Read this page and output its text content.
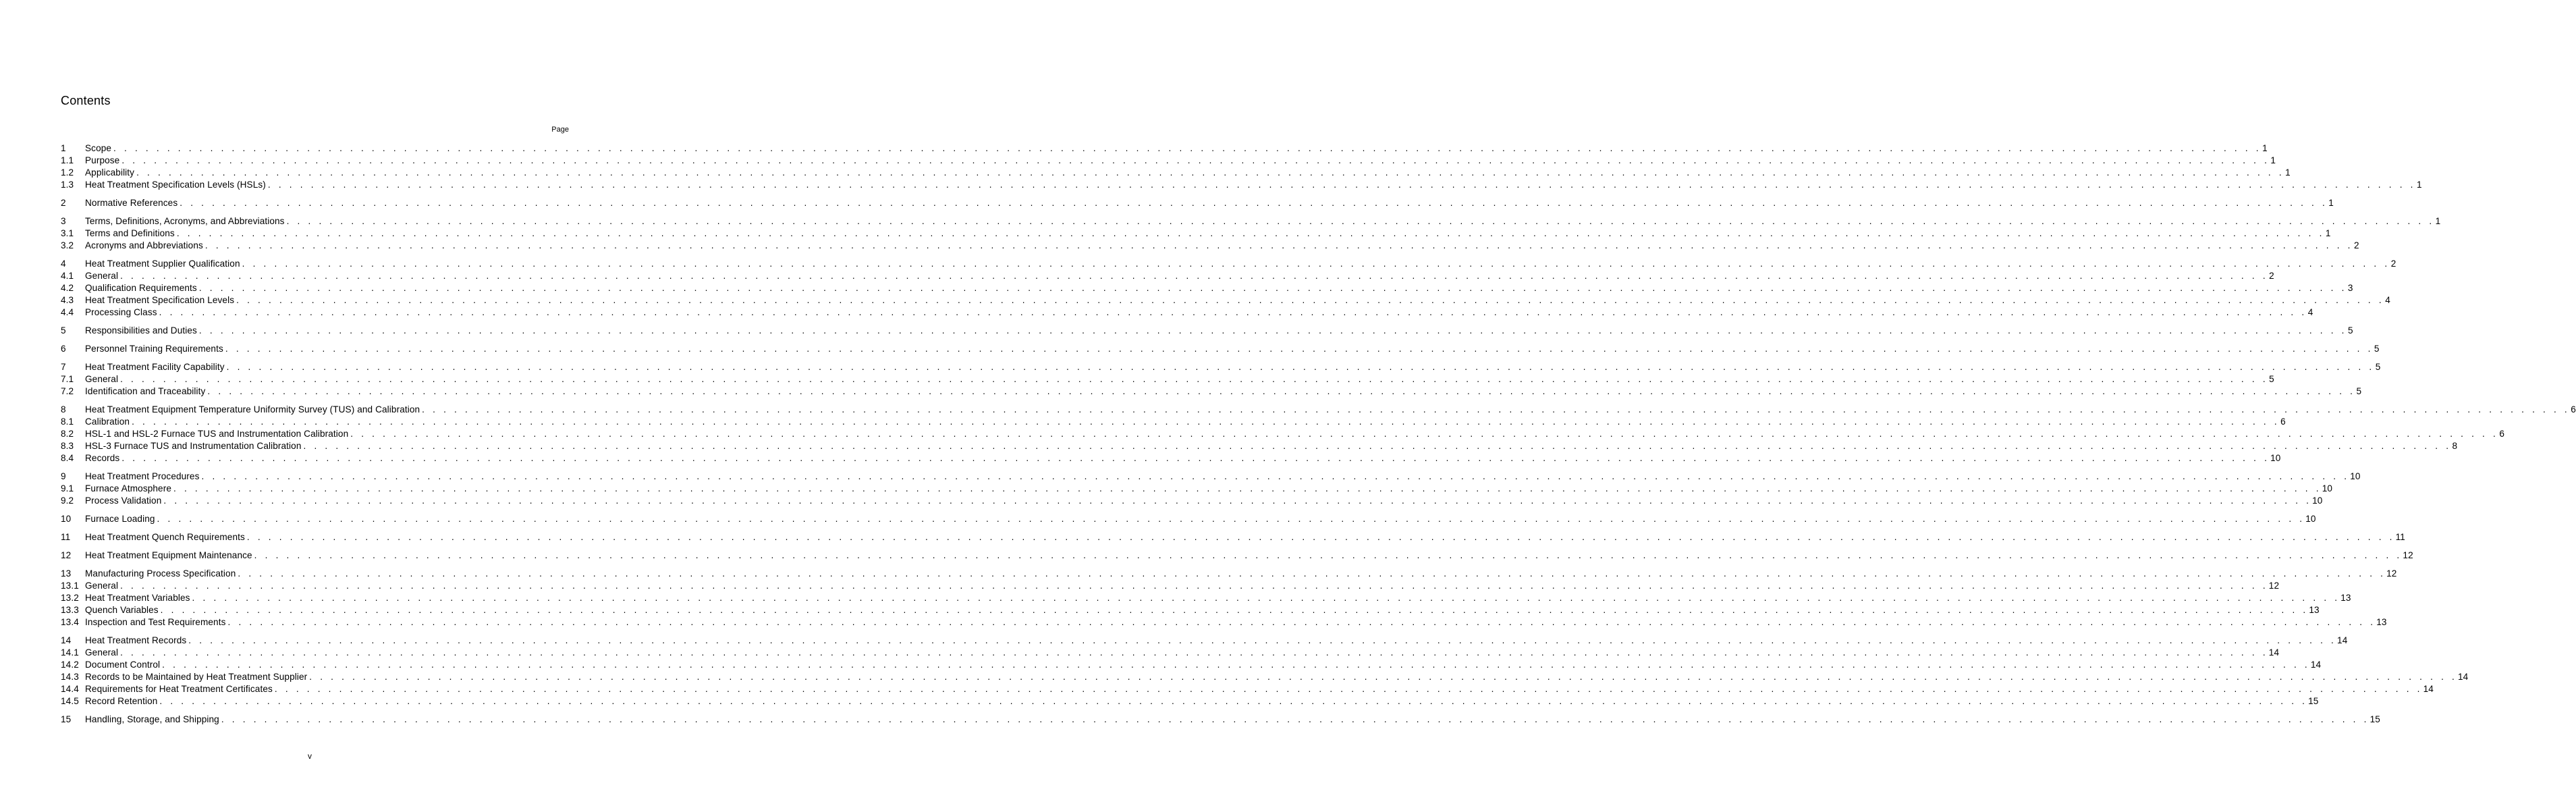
Contents
Page
1	Scope . . . . . . . . . . . . . . . . . . . . . . . . . . . . . . . . . . . . . . . . . . . . . . . . . . . . . . . . . . . . . . . . . . . . . . . . . . . . . . . . . . . . . . . . . . . . . . . . . . . . . . . . . . . . . . . . . . . . . . . . . . . . . . . . . . . . . . . . . . . . . . . . . . . . . . . . . . . . . . . . . . . . . . . . . . . . . . . . . . . . . . . . . . . . . . . . . . . . . . . . 1
1.1	Purpose . . . . . . . . . . . . . . . . . . . . . . . . . . . . . . . . . . . . . . . . . . . . . . . . . . . . . . . . . . . . . . . . . . . . . . . . . . . . . . . . . . . . . . . . . . . . . . . . . . . . . . . . . . . . . . . . . . . . . . . . . . . . . . . . . . . . . . . . . . . . . . . . . . . . . . . . . . . . . . . . . . . . . . . . . . . . . . . . . . . . . . . . . . . . . . . . . . . . . . . . 1
1.2	Applicability . . . . . . . . . . . . . . . . . . . . . . . . . . . . . . . . . . . . . . . . . . . . . . . . . . . . . . . . . . . . . . . . . . . . . . . . . . . . . . . . . . . . . . . . . . . . . . . . . . . . . . . . . . . . . . . . . . . . . . . . . . . . . . . . . . . . . . . . . . . . . . . . . . . . . . . . . . . . . . . . . . . . . . . . . . . . . . . . . . . . . . . . . . . . . . . . . . . . . . . . 1
1.3	Heat Treatment Specification Levels (HSLs) . . . . . . . . . . . . . . . . . . . . . . . . . . . . . . . . . . . . . . . . . . . . . . . . . . . . . . . . . . . . . . . . . . . . . . . . . . . . . . . . . . . . . . . . . . . . . . . . . . . . . . . . . . . . . . . . . . . . . . . . . . . . . . . . . . . . . . . . . . . . . . . . . . . . . . . . . . . . . . . . . . . . . . . . . . . . . . . . . . . . . . . . . . . . . . . . . . . . . . . . 1
2	Normative References . . . . . . . . . . . . . . . . . . . . . . . . . . . . . . . . . . . . . . . . . . . . . . . . . . . . . . . . . . . . . . . . . . . . . . . . . . . . . . . . . . . . . . . . . . . . . . . . . . . . . . . . . . . . . . . . . . . . . . . . . . . . . . . . . . . . . . . . . . . . . . . . . . . . . . . . . . . . . . . . . . . . . . . . . . . . . . . . . . . . . . . . . . . . . . . . . . . . . . . . 1
3	Terms, Definitions, Acronyms, and Abbreviations . . . . . . . . . . . . . . . . . . . . . . . . . . . . . . . . . . . . . . . . . . . . . . . . . . . . . . . . . . . . . . . . . . . . . . . . . . . . . . . . . . . . . . . . . . . . . . . . . . . . . . . . . . . . . . . . . . . . . . . . . . . . . . . . . . . . . . . . . . . . . . . . . . . . . . . . . . . . . . . . . . . . . . . . . . . . . . . . . . . . . . . . . . . . . . . . . . . . . . . . 1
3.1	Terms and Definitions . . . . . . . . . . . . . . . . . . . . . . . . . . . . . . . . . . . . . . . . . . . . . . . . . . . . . . . . . . . . . . . . . . . . . . . . . . . . . . . . . . . . . . . . . . . . . . . . . . . . . . . . . . . . . . . . . . . . . . . . . . . . . . . . . . . . . . . . . . . . . . . . . . . . . . . . . . . . . . . . . . . . . . . . . . . . . . . . . . . . . . . . . . . . . . . . . . . . . . . . 1
3.2	Acronyms and Abbreviations . . . . . . . . . . . . . . . . . . . . . . . . . . . . . . . . . . . . . . . . . . . . . . . . . . . . . . . . . . . . . . . . . . . . . . . . . . . . . . . . . . . . . . . . . . . . . . . . . . . . . . . . . . . . . . . . . . . . . . . . . . . . . . . . . . . . . . . . . . . . . . . . . . . . . . . . . . . . . . . . . . . . . . . . . . . . . . . . . . . . . . . . . . . . . . . . . . . . . . . . 2
4	Heat Treatment Supplier Qualification . . . . . . . . . . . . . . . . . . . . . . . . . . . . . . . . . . . . . . . . . . . . . . . . . . . . . . . . . . . . . . . . . . . . . . . . . . . . . . . . . . . . . . . . . . . . . . . . . . . . . . . . . . . . . . . . . . . . . . . . . . . . . . . . . . . . . . . . . . . . . . . . . . . . . . . . . . . . . . . . . . . . . . . . . . . . . . . . . . . . . . . . . . . . . . . . . . . . . . . . 2
4.1	General . . . . . . . . . . . . . . . . . . . . . . . . . . . . . . . . . . . . . . . . . . . . . . . . . . . . . . . . . . . . . . . . . . . . . . . . . . . . . . . . . . . . . . . . . . . . . . . . . . . . . . . . . . . . . . . . . . . . . . . . . . . . . . . . . . . . . . . . . . . . . . . . . . . . . . . . . . . . . . . . . . . . . . . . . . . . . . . . . . . . . . . . . . . . . . . . . . . . . . . . 2
4.2	Qualification Requirements . . . . . . . . . . . . . . . . . . . . . . . . . . . . . . . . . . . . . . . . . . . . . . . . . . . . . . . . . . . . . . . . . . . . . . . . . . . . . . . . . . . . . . . . . . . . . . . . . . . . . . . . . . . . . . . . . . . . . . . . . . . . . . . . . . . . . . . . . . . . . . . . . . . . . . . . . . . . . . . . . . . . . . . . . . . . . . . . . . . . . . . . . . . . . . . . . . . . . . . . 3
4.3	Heat Treatment Specification Levels . . . . . . . . . . . . . . . . . . . . . . . . . . . . . . . . . . . . . . . . . . . . . . . . . . . . . . . . . . . . . . . . . . . . . . . . . . . . . . . . . . . . . . . . . . . . . . . . . . . . . . . . . . . . . . . . . . . . . . . . . . . . . . . . . . . . . . . . . . . . . . . . . . . . . . . . . . . . . . . . . . . . . . . . . . . . . . . . . . . . . . . . . . . . . . . . . . . . . . . . 4
4.4	Processing Class . . . . . . . . . . . . . . . . . . . . . . . . . . . . . . . . . . . . . . . . . . . . . . . . . . . . . . . . . . . . . . . . . . . . . . . . . . . . . . . . . . . . . . . . . . . . . . . . . . . . . . . . . . . . . . . . . . . . . . . . . . . . . . . . . . . . . . . . . . . . . . . . . . . . . . . . . . . . . . . . . . . . . . . . . . . . . . . . . . . . . . . . . . . . . . . . . . . . . . . . 4
5	Responsibilities and Duties . . . . . . . . . . . . . . . . . . . . . . . . . . . . . . . . . . . . . . . . . . . . . . . . . . . . . . . . . . . . . . . . . . . . . . . . . . . . . . . . . . . . . . . . . . . . . . . . . . . . . . . . . . . . . . . . . . . . . . . . . . . . . . . . . . . . . . . . . . . . . . . . . . . . . . . . . . . . . . . . . . . . . . . . . . . . . . . . . . . . . . . . . . . . . . . . . . . . . . . . 5
6	Personnel Training Requirements . . . . . . . . . . . . . . . . . . . . . . . . . . . . . . . . . . . . . . . . . . . . . . . . . . . . . . . . . . . . . . . . . . . . . . . . . . . . . . . . . . . . . . . . . . . . . . . . . . . . . . . . . . . . . . . . . . . . . . . . . . . . . . . . . . . . . . . . . . . . . . . . . . . . . . . . . . . . . . . . . . . . . . . . . . . . . . . . . . . . . . . . . . . . . . . . . . . . . . . . 5
7	Heat Treatment Facility Capability . . . . . . . . . . . . . . . . . . . . . . . . . . . . . . . . . . . . . . . . . . . . . . . . . . . . . . . . . . . . . . . . . . . . . . . . . . . . . . . . . . . . . . . . . . . . . . . . . . . . . . . . . . . . . . . . . . . . . . . . . . . . . . . . . . . . . . . . . . . . . . . . . . . . . . . . . . . . . . . . . . . . . . . . . . . . . . . . . . . . . . . . . . . . . . . . . . . . . . . . 5
7.1	General . . . . . . . . . . . . . . . . . . . . . . . . . . . . . . . . . . . . . . . . . . . . . . . . . . . . . . . . . . . . . . . . . . . . . . . . . . . . . . . . . . . . . . . . . . . . . . . . . . . . . . . . . . . . . . . . . . . . . . . . . . . . . . . . . . . . . . . . . . . . . . . . . . . . . . . . . . . . . . . . . . . . . . . . . . . . . . . . . . . . . . . . . . . . . . . . . . . . . . . . 5
7.2	Identification and Traceability . . . . . . . . . . . . . . . . . . . . . . . . . . . . . . . . . . . . . . . . . . . . . . . . . . . . . . . . . . . . . . . . . . . . . . . . . . . . . . . . . . . . . . . . . . . . . . . . . . . . . . . . . . . . . . . . . . . . . . . . . . . . . . . . . . . . . . . . . . . . . . . . . . . . . . . . . . . . . . . . . . . . . . . . . . . . . . . . . . . . . . . . . . . . . . . . . . . . . . . . 5
8	Heat Treatment Equipment Temperature Uniformity Survey (TUS) and Calibration . . . . . . . . . . . . . . . . . . . . . . . . . . . . . . . . . . . . . . . . . . . . . . . . . . . . . . . . . . . . . . . . . . . . . . . . . . . . . . . . . . . . . . . . . . . . . . . . . . . . . . . . . . . . . . . . . . . . . . . . . . . . . . . . . . . . . . . . . . . . . . . . . . . . . . . . . . . . . . . . . . . . . . . . . . . . . . . . . . . . . . . . . . . . . . . . . . . . . . . . 6
8.1	Calibration . . . . . . . . . . . . . . . . . . . . . . . . . . . . . . . . . . . . . . . . . . . . . . . . . . . . . . . . . . . . . . . . . . . . . . . . . . . . . . . . . . . . . . . . . . . . . . . . . . . . . . . . . . . . . . . . . . . . . . . . . . . . . . . . . . . . . . . . . . . . . . . . . . . . . . . . . . . . . . . . . . . . . . . . . . . . . . . . . . . . . . . . . . . . . . . . . . . . . . . . 6
8.2	HSL-1 and HSL-2 Furnace TUS and Instrumentation Calibration . . . . . . . . . . . . . . . . . . . . . . . . . . . . . . . . . . . . . . . . . . . . . . . . . . . . . . . . . . . . . . . . . . . . . . . . . . . . . . . . . . . . . . . . . . . . . . . . . . . . . . . . . . . . . . . . . . . . . . . . . . . . . . . . . . . . . . . . . . . . . . . . . . . . . . . . . . . . . . . . . . . . . . . . . . . . . . . . . . . . . . . . . . . . . . . . . . . . . . . . 6
8.3	HSL-3 Furnace TUS and Instrumentation Calibration . . . . . . . . . . . . . . . . . . . . . . . . . . . . . . . . . . . . . . . . . . . . . . . . . . . . . . . . . . . . . . . . . . . . . . . . . . . . . . . . . . . . . . . . . . . . . . . . . . . . . . . . . . . . . . . . . . . . . . . . . . . . . . . . . . . . . . . . . . . . . . . . . . . . . . . . . . . . . . . . . . . . . . . . . . . . . . . . . . . . . . . . . . . . . . . . . . . . . . . . 8
8.4	Records . . . . . . . . . . . . . . . . . . . . . . . . . . . . . . . . . . . . . . . . . . . . . . . . . . . . . . . . . . . . . . . . . . . . . . . . . . . . . . . . . . . . . . . . . . . . . . . . . . . . . . . . . . . . . . . . . . . . . . . . . . . . . . . . . . . . . . . . . . . . . . . . . . . . . . . . . . . . . . . . . . . . . . . . . . . . . . . . . . . . . . . . . . . . . . . . . . . . . . . . 10
9	Heat Treatment Procedures . . . . . . . . . . . . . . . . . . . . . . . . . . . . . . . . . . . . . . . . . . . . . . . . . . . . . . . . . . . . . . . . . . . . . . . . . . . . . . . . . . . . . . . . . . . . . . . . . . . . . . . . . . . . . . . . . . . . . . . . . . . . . . . . . . . . . . . . . . . . . . . . . . . . . . . . . . . . . . . . . . . . . . . . . . . . . . . . . . . . . . . . . . . . . . . . . . . . . . . . 10
9.1	Furnace Atmosphere . . . . . . . . . . . . . . . . . . . . . . . . . . . . . . . . . . . . . . . . . . . . . . . . . . . . . . . . . . . . . . . . . . . . . . . . . . . . . . . . . . . . . . . . . . . . . . . . . . . . . . . . . . . . . . . . . . . . . . . . . . . . . . . . . . . . . . . . . . . . . . . . . . . . . . . . . . . . . . . . . . . . . . . . . . . . . . . . . . . . . . . . . . . . . . . . . . . . . . . . 10
9.2	Process Validation . . . . . . . . . . . . . . . . . . . . . . . . . . . . . . . . . . . . . . . . . . . . . . . . . . . . . . . . . . . . . . . . . . . . . . . . . . . . . . . . . . . . . . . . . . . . . . . . . . . . . . . . . . . . . . . . . . . . . . . . . . . . . . . . . . . . . . . . . . . . . . . . . . . . . . . . . . . . . . . . . . . . . . . . . . . . . . . . . . . . . . . . . . . . . . . . . . . . . . . . 10
10	Furnace Loading . . . . . . . . . . . . . . . . . . . . . . . . . . . . . . . . . . . . . . . . . . . . . . . . . . . . . . . . . . . . . . . . . . . . . . . . . . . . . . . . . . . . . . . . . . . . . . . . . . . . . . . . . . . . . . . . . . . . . . . . . . . . . . . . . . . . . . . . . . . . . . . . . . . . . . . . . . . . . . . . . . . . . . . . . . . . . . . . . . . . . . . . . . . . . . . . . . . . . . . . 10
11	Heat Treatment Quench Requirements . . . . . . . . . . . . . . . . . . . . . . . . . . . . . . . . . . . . . . . . . . . . . . . . . . . . . . . . . . . . . . . . . . . . . . . . . . . . . . . . . . . . . . . . . . . . . . . . . . . . . . . . . . . . . . . . . . . . . . . . . . . . . . . . . . . . . . . . . . . . . . . . . . . . . . . . . . . . . . . . . . . . . . . . . . . . . . . . . . . . . . . . . . . . . . . . . . . . . . . . 11
12	Heat Treatment Equipment Maintenance . . . . . . . . . . . . . . . . . . . . . . . . . . . . . . . . . . . . . . . . . . . . . . . . . . . . . . . . . . . . . . . . . . . . . . . . . . . . . . . . . . . . . . . . . . . . . . . . . . . . . . . . . . . . . . . . . . . . . . . . . . . . . . . . . . . . . . . . . . . . . . . . . . . . . . . . . . . . . . . . . . . . . . . . . . . . . . . . . . . . . . . . . . . . . . . . . . . . . . . . 12
13	Manufacturing Process Specification . . . . . . . . . . . . . . . . . . . . . . . . . . . . . . . . . . . . . . . . . . . . . . . . . . . . . . . . . . . . . . . . . . . . . . . . . . . . . . . . . . . . . . . . . . . . . . . . . . . . . . . . . . . . . . . . . . . . . . . . . . . . . . . . . . . . . . . . . . . . . . . . . . . . . . . . . . . . . . . . . . . . . . . . . . . . . . . . . . . . . . . . . . . . . . . . . . . . . . . . 12
13.1 General . . . . . . . . . . . . . . . . . . . . . . . . . . . . . . . . . . . . . . . . . . . . . . . . . . . . . . . . . . . . . . . . . . . . . . . . . . . . . . . . . . . . . . . . . . . . . . . . . . . . . . . . . . . . . . . . . . . . . . . . . . . . . . . . . . . . . . . . . . . . . . . . . . . . . . . . . . . . . . . . . . . . . . . . . . . . . . . . . . . . . . . . . . . . . . . . . . . . . . . . 12
13.2 Heat Treatment Variables . . . . . . . . . . . . . . . . . . . . . . . . . . . . . . . . . . . . . . . . . . . . . . . . . . . . . . . . . . . . . . . . . . . . . . . . . . . . . . . . . . . . . . . . . . . . . . . . . . . . . . . . . . . . . . . . . . . . . . . . . . . . . . . . . . . . . . . . . . . . . . . . . . . . . . . . . . . . . . . . . . . . . . . . . . . . . . . . . . . . . . . . . . . . . . . . . . . . . . . . 13
13.3 Quench Variables . . . . . . . . . . . . . . . . . . . . . . . . . . . . . . . . . . . . . . . . . . . . . . . . . . . . . . . . . . . . . . . . . . . . . . . . . . . . . . . . . . . . . . . . . . . . . . . . . . . . . . . . . . . . . . . . . . . . . . . . . . . . . . . . . . . . . . . . . . . . . . . . . . . . . . . . . . . . . . . . . . . . . . . . . . . . . . . . . . . . . . . . . . . . . . . . . . . . . . . . 13
13.4 Inspection and Test Requirements . . . . . . . . . . . . . . . . . . . . . . . . . . . . . . . . . . . . . . . . . . . . . . . . . . . . . . . . . . . . . . . . . . . . . . . . . . . . . . . . . . . . . . . . . . . . . . . . . . . . . . . . . . . . . . . . . . . . . . . . . . . . . . . . . . . . . . . . . . . . . . . . . . . . . . . . . . . . . . . . . . . . . . . . . . . . . . . . . . . . . . . . . . . . . . . . . . . . . . . . 13
14	Heat Treatment Records . . . . . . . . . . . . . . . . . . . . . . . . . . . . . . . . . . . . . . . . . . . . . . . . . . . . . . . . . . . . . . . . . . . . . . . . . . . . . . . . . . . . . . . . . . . . . . . . . . . . . . . . . . . . . . . . . . . . . . . . . . . . . . . . . . . . . . . . . . . . . . . . . . . . . . . . . . . . . . . . . . . . . . . . . . . . . . . . . . . . . . . . . . . . . . . . . . . . . . . . 14
14.1 General . . . . . . . . . . . . . . . . . . . . . . . . . . . . . . . . . . . . . . . . . . . . . . . . . . . . . . . . . . . . . . . . . . . . . . . . . . . . . . . . . . . . . . . . . . . . . . . . . . . . . . . . . . . . . . . . . . . . . . . . . . . . . . . . . . . . . . . . . . . . . . . . . . . . . . . . . . . . . . . . . . . . . . . . . . . . . . . . . . . . . . . . . . . . . . . . . . . . . . . . 14
14.2 Document Control . . . . . . . . . . . . . . . . . . . . . . . . . . . . . . . . . . . . . . . . . . . . . . . . . . . . . . . . . . . . . . . . . . . . . . . . . . . . . . . . . . . . . . . . . . . . . . . . . . . . . . . . . . . . . . . . . . . . . . . . . . . . . . . . . . . . . . . . . . . . . . . . . . . . . . . . . . . . . . . . . . . . . . . . . . . . . . . . . . . . . . . . . . . . . . . . . . . . . . . . 14
14.3 Records to be Maintained by Heat Treatment Supplier . . . . . . . . . . . . . . . . . . . . . . . . . . . . . . . . . . . . . . . . . . . . . . . . . . . . . . . . . . . . . . . . . . . . . . . . . . . . . . . . . . . . . . . . . . . . . . . . . . . . . . . . . . . . . . . . . . . . . . . . . . . . . . . . . . . . . . . . . . . . . . . . . . . . . . . . . . . . . . . . . . . . . . . . . . . . . . . . . . . . . . . . . . . . . . . . . . . . . . . . 14
14.4 Requirements for Heat Treatment Certificates . . . . . . . . . . . . . . . . . . . . . . . . . . . . . . . . . . . . . . . . . . . . . . . . . . . . . . . . . . . . . . . . . . . . . . . . . . . . . . . . . . . . . . . . . . . . . . . . . . . . . . . . . . . . . . . . . . . . . . . . . . . . . . . . . . . . . . . . . . . . . . . . . . . . . . . . . . . . . . . . . . . . . . . . . . . . . . . . . . . . . . . . . . . . . . . . . . . . . . . . 14
14.5 Record Retention . . . . . . . . . . . . . . . . . . . . . . . . . . . . . . . . . . . . . . . . . . . . . . . . . . . . . . . . . . . . . . . . . . . . . . . . . . . . . . . . . . . . . . . . . . . . . . . . . . . . . . . . . . . . . . . . . . . . . . . . . . . . . . . . . . . . . . . . . . . . . . . . . . . . . . . . . . . . . . . . . . . . . . . . . . . . . . . . . . . . . . . . . . . . . . . . . . . . . . . . 15
15	Handling, Storage, and Shipping . . . . . . . . . . . . . . . . . . . . . . . . . . . . . . . . . . . . . . . . . . . . . . . . . . . . . . . . . . . . . . . . . . . . . . . . . . . . . . . . . . . . . . . . . . . . . . . . . . . . . . . . . . . . . . . . . . . . . . . . . . . . . . . . . . . . . . . . . . . . . . . . . . . . . . . . . . . . . . . . . . . . . . . . . . . . . . . . . . . . . . . . . . . . . . . . . . . . . . . . 15
v
